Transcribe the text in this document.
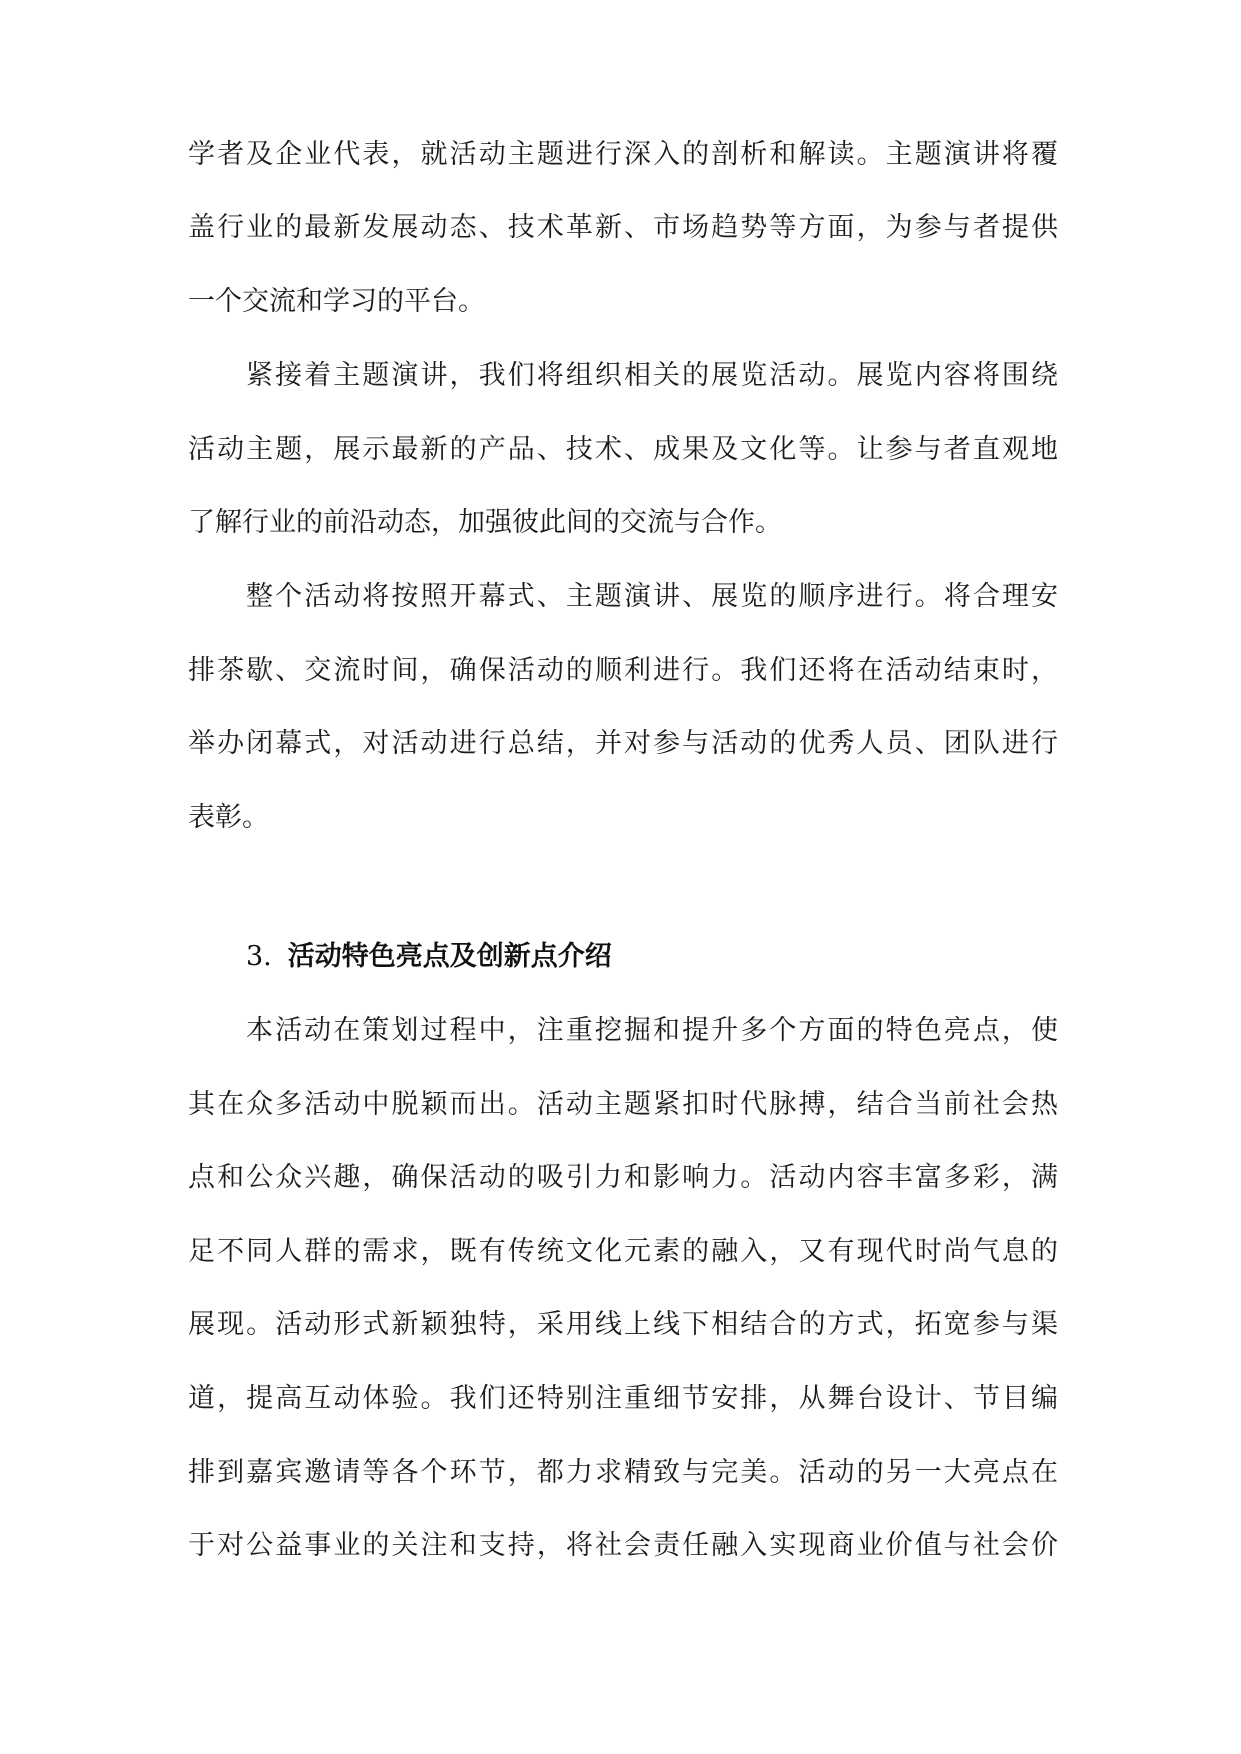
学者及企业代表，就活动主题进行深入的剖析和解读。主题演讲将覆
盖行业的最新发展动态、技术革新、市场趋势等方面，为参与者提供
一个交流和学习的平台。
紧接着主题演讲，我们将组织相关的展览活动。展览内容将围绕
活动主题，展示最新的产品、技术、成果及文化等。让参与者直观地
了解行业的前沿动态，加强彼此间的交流与合作。
整个活动将按照开幕式、主题演讲、展览的顺序进行。将合理安
排茶歇、交流时间，确保活动的顺利进行。我们还将在活动结束时，
举办闭幕式，对活动进行总结，并对参与活动的优秀人员、团队进行
表彰。
3. 活动特色亮点及创新点介绍
本活动在策划过程中，注重挖掘和提升多个方面的特色亮点，使
其在众多活动中脱颖而出。活动主题紧扣时代脉搏，结合当前社会热
点和公众兴趣，确保活动的吸引力和影响力。活动内容丰富多彩，满
足不同人群的需求，既有传统文化元素的融入，又有现代时尚气息的
展现。活动形式新颖独特，采用线上线下相结合的方式，拓宽参与渠
道，提高互动体验。我们还特别注重细节安排，从舞台设计、节目编
排到嘉宾邀请等各个环节，都力求精致与完美。活动的另一大亮点在
于对公益事业的关注和支持，将社会责任融入实现商业价值与社会价
